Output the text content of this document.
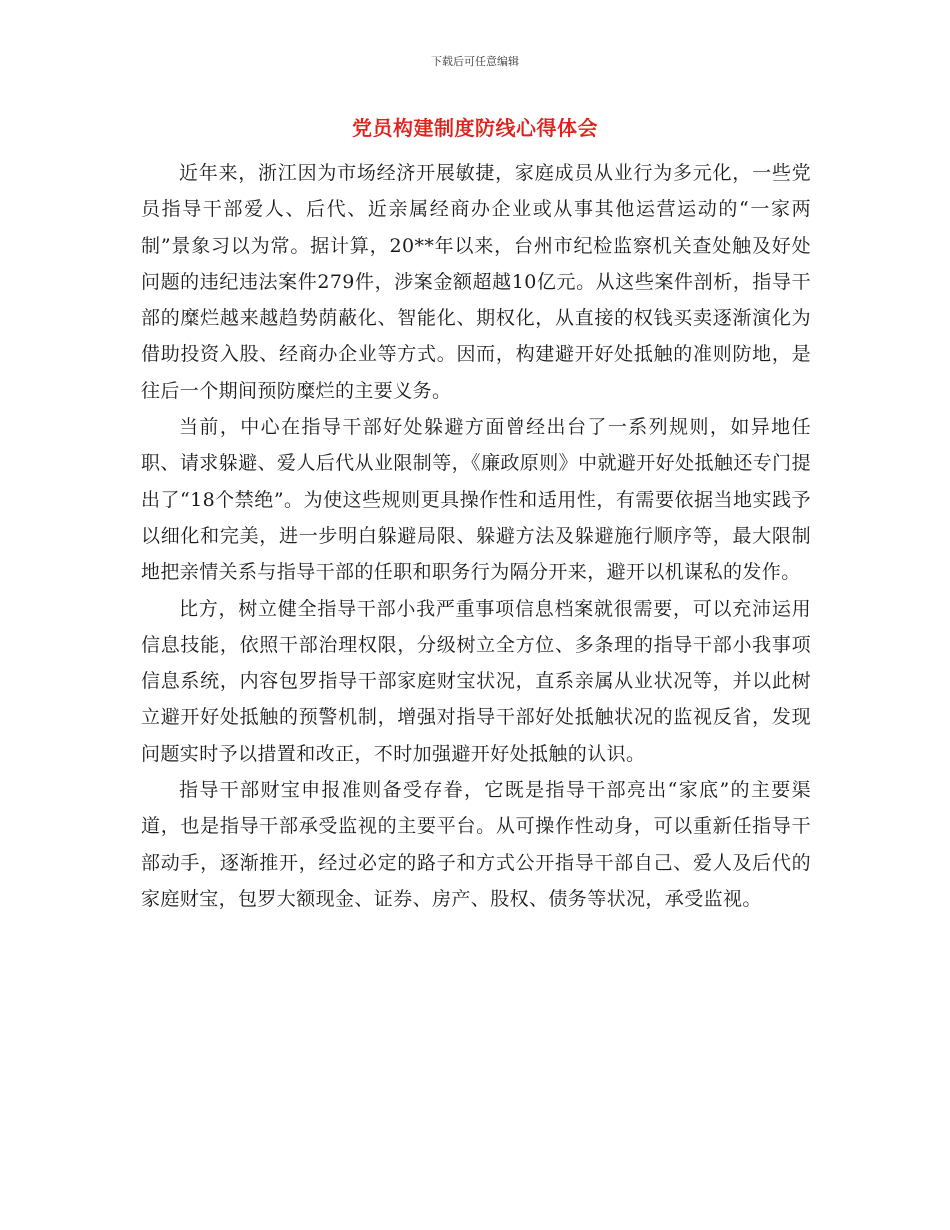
下载后可任意编辑
党员构建制度防线心得体会

近年来，浙江因为市场经济开展敏捷，家庭成员从业行为多元化，一些党员指导干部爱人、后代、近亲属经商办企业或从事其他运营运动的“一家两制”景象习以为常。据计算，20**年以来，台州市纪检监察机关查处触及好处问题的违纪违法案件279件，涉案金额超越10亿元。从这些案件剖析，指导干部的糜烂越来越趋势荫蔽化、智能化、期权化，从直接的权钱买卖逐渐演化为借助投资入股、经商办企业等方式。因而，构建避开好处抵触的准则防地，是往后一个期间预防糜烂的主要义务。

当前，中心在指导干部好处躲避方面曾经出台了一系列规则，如异地任职、请求躲避、爱人后代从业限制等，《廉政原则》中就避开好处抵触还专门提出了“18个禁绝”。为使这些规则更具操作性和适用性，有需要依据当地实践予以细化和完美，进一步明白躲避局限、躲避方法及躲避施行顺序等，最大限制地把亲情关系与指导干部的任职和职务行为隔分开来，避开以机谋私的发作。

比方，树立健全指导干部小我严重事项信息档案就很需要，可以充沛运用信息技能，依照干部治理权限，分级树立全方位、多条理的指导干部小我事项信息系统，内容包罗指导干部家庭财宝状况，直系亲属从业状况等，并以此树立避开好处抵触的预警机制，增强对指导干部好处抵触状况的监视反省，发现问题实时予以措置和改正，不时加强避开好处抵触的认识。

指导干部财宝申报准则备受存眷，它既是指导干部亮出“家底”的主要渠道，也是指导干部承受监视的主要平台。从可操作性动身，可以重新任指导干部动手，逐渐推开，经过必定的路子和方式公开指导干部自己、爱人及后代的家庭财宝，包罗大额现金、证券、房产、股权、债务等状况，承受监视。
